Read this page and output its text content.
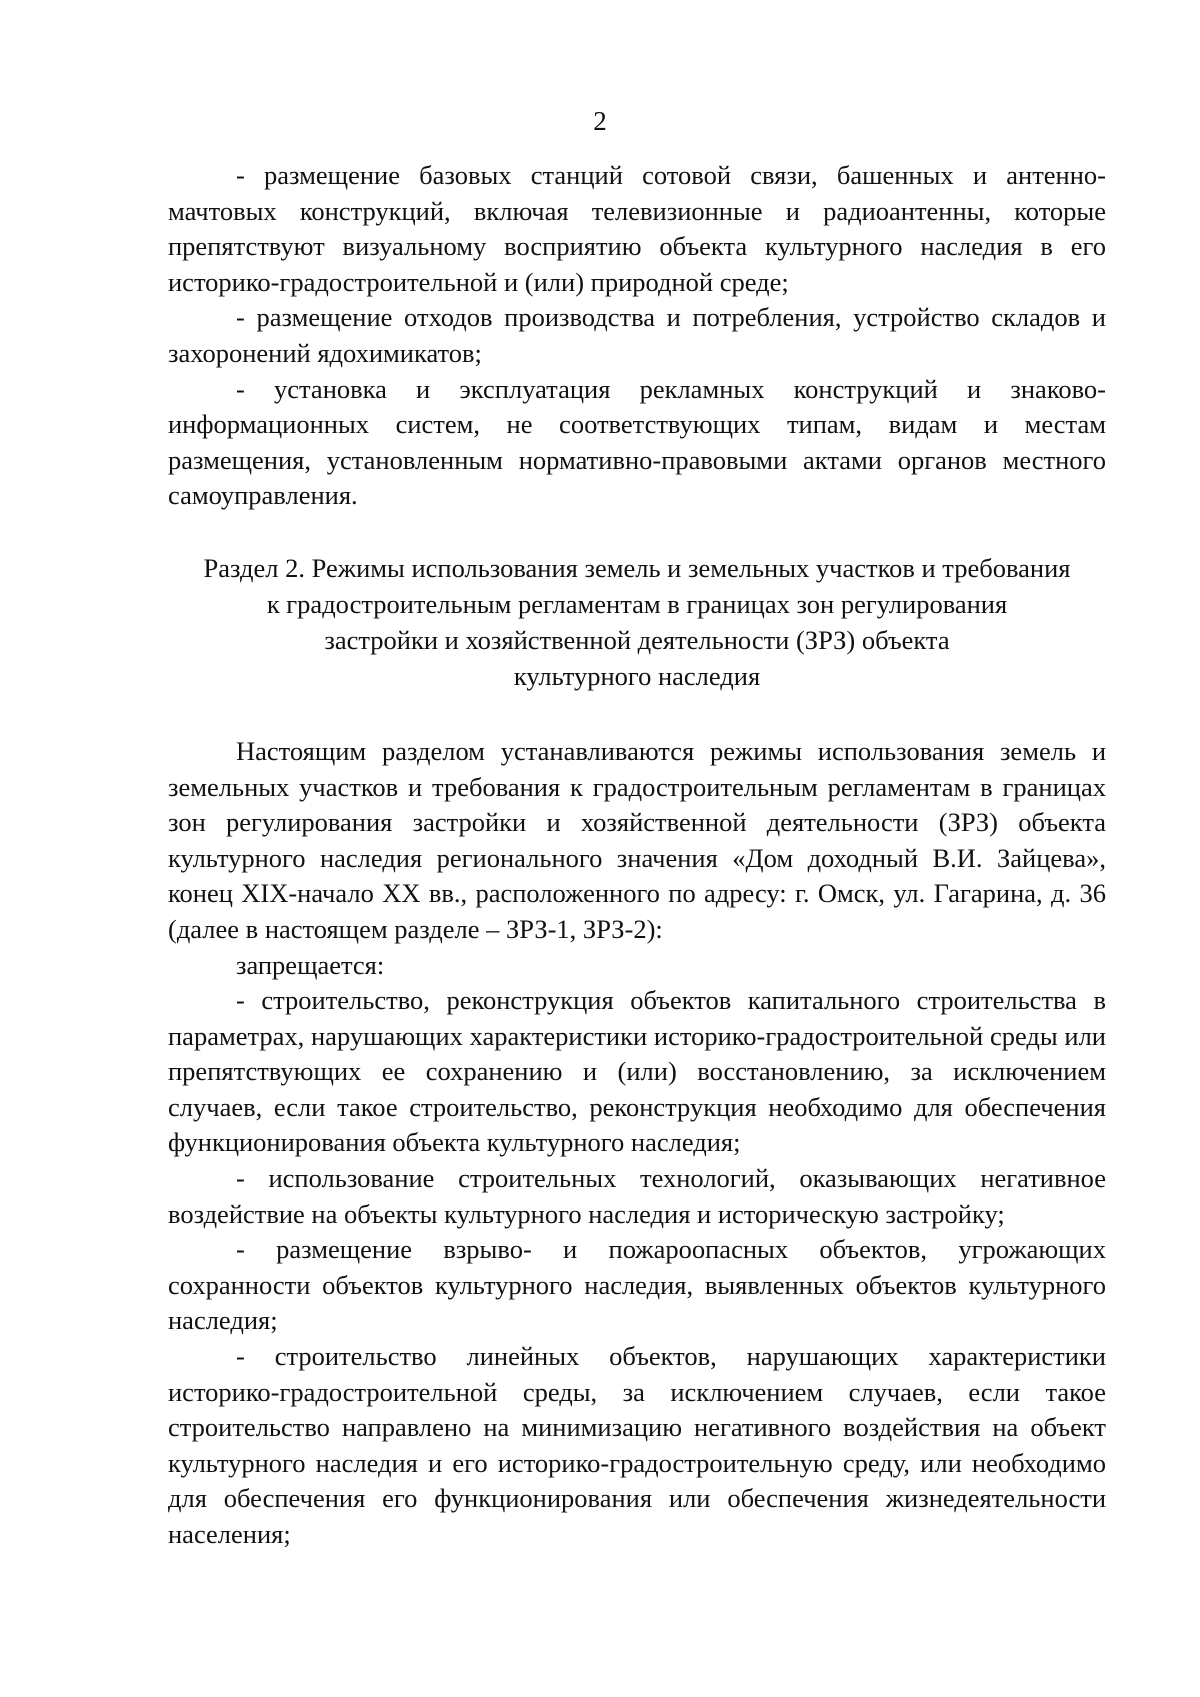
2

- размещение базовых станций сотовой связи, башенных и антенно-мачтовых конструкций, включая телевизионные и радиоантенны, которые препятствуют визуальному восприятию объекта культурного наследия в его историко-градостроительной и (или) природной среде;

- размещение отходов производства и потребления, устройство складов и захоронений ядохимикатов;

- установка и эксплуатация рекламных конструкций и знаково-информационных систем, не соответствующих типам, видам и местам размещения, установленным нормативно-правовыми актами органов местного самоуправления.

Раздел 2. Режимы использования земель и земельных участков и требования
к градостроительным регламентам в границах зон регулирования
застройки и хозяйственной деятельности (ЗРЗ) объекта
культурного наследия

Настоящим разделом устанавливаются режимы использования земель и земельных участков и требования к градостроительным регламентам в границах зон регулирования застройки и хозяйственной деятельности (ЗРЗ) объекта культурного наследия регионального значения «Дом доходный В.И. Зайцева», конец XIX-начало XX вв., расположенного по адресу: г. Омск, ул. Гагарина, д. 36 (далее в настоящем разделе – ЗРЗ-1, ЗРЗ-2):

запрещается:

- строительство, реконструкция объектов капитального строительства в параметрах, нарушающих характеристики историко-градостроительной среды или препятствующих ее сохранению и (или) восстановлению, за исключением случаев, если такое строительство, реконструкция необходимо для обеспечения функционирования объекта культурного наследия;

- использование строительных технологий, оказывающих негативное воздействие на объекты культурного наследия и историческую застройку;

- размещение взрыво- и пожароопасных объектов, угрожающих сохранности объектов культурного наследия, выявленных объектов культурного наследия;

- строительство линейных объектов, нарушающих характеристики историко-градостроительной среды, за исключением случаев, если такое строительство направлено на минимизацию негативного воздействия на объект культурного наследия и его историко-градостроительную среду, или необходимо для обеспечения его функционирования или обеспечения жизнедеятельности населения;
